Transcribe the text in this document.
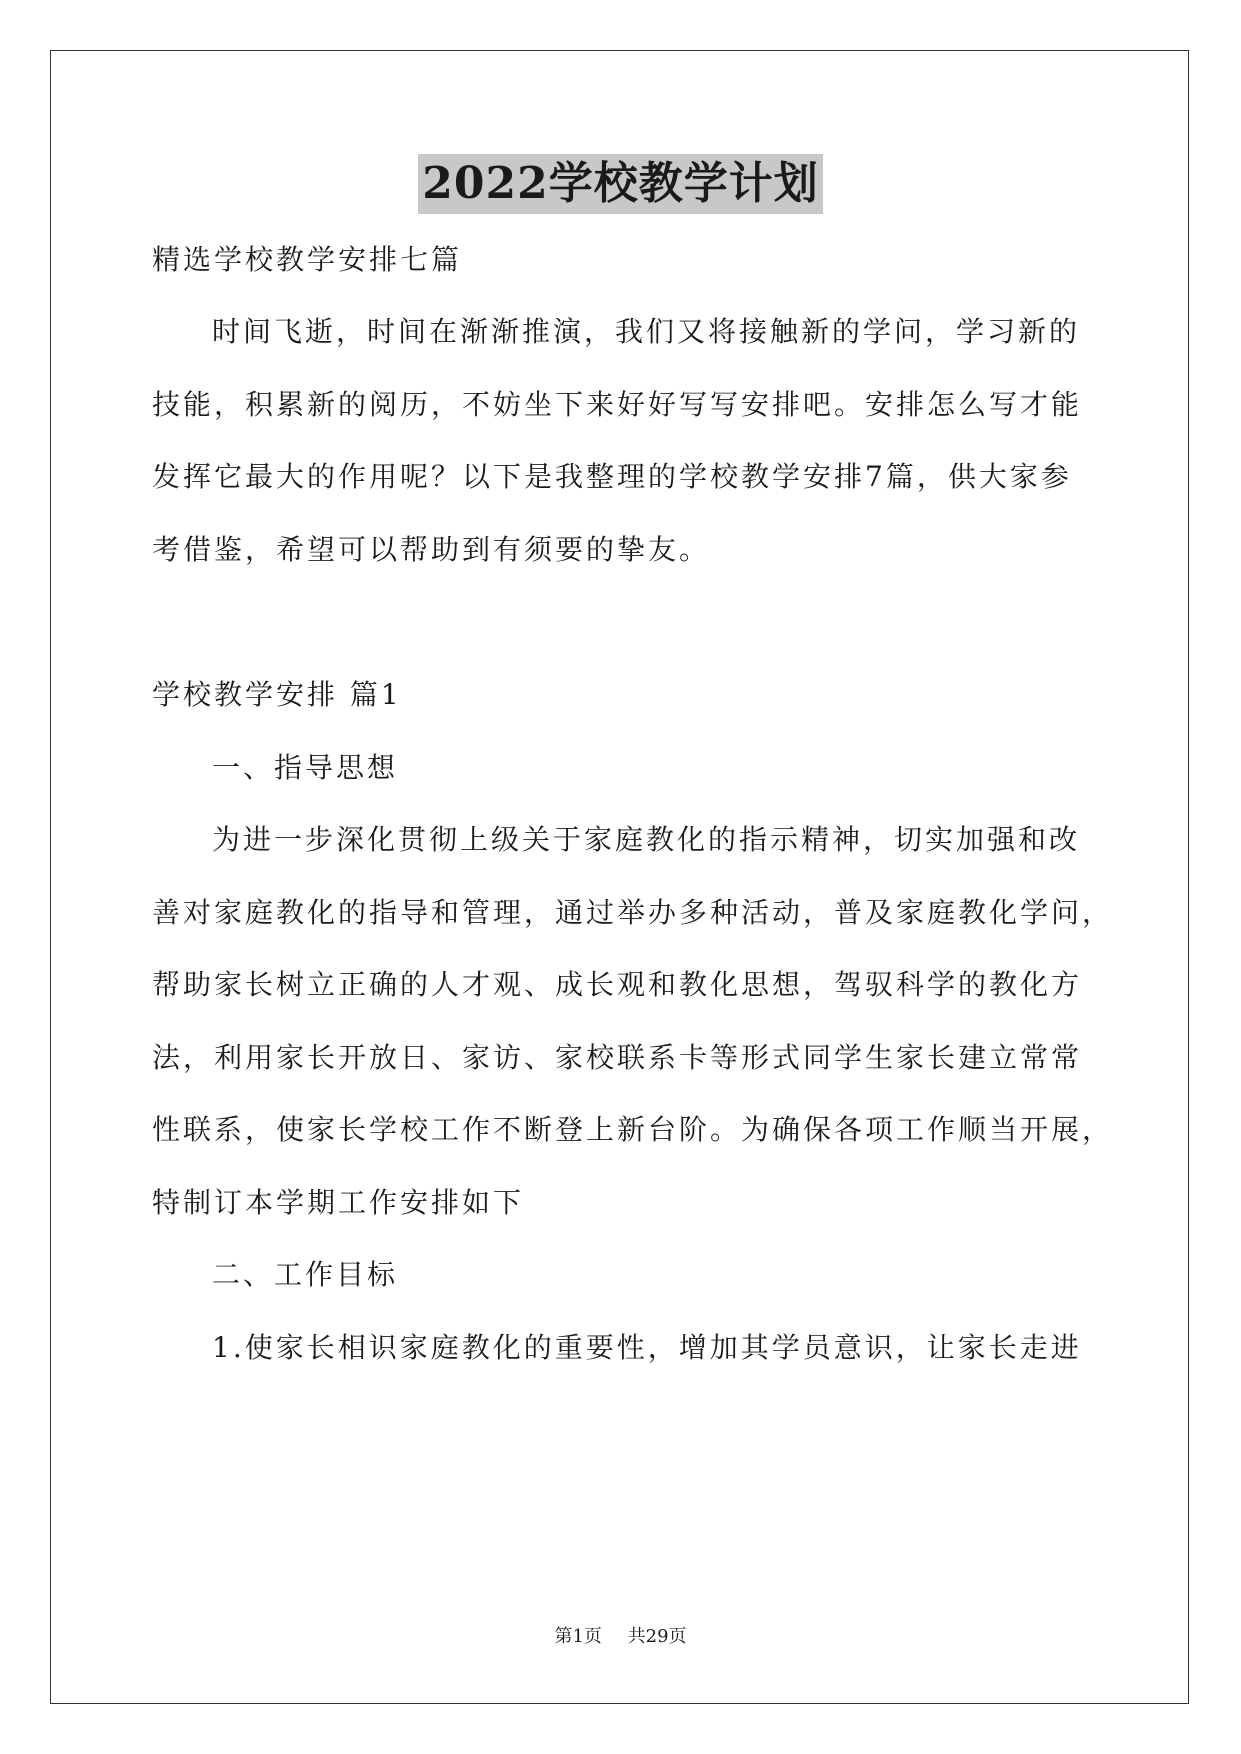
2022学校教学计划
精选学校教学安排七篇
时间飞逝，时间在渐渐推演，我们又将接触新的学问，学习新的
技能，积累新的阅历，不妨坐下来好好写写安排吧。安排怎么写才能
发挥它最大的作用呢？以下是我整理的学校教学安排7篇，供大家参
考借鉴，希望可以帮助到有须要的挚友。
学校教学安排 篇1
一、指导思想
为进一步深化贯彻上级关于家庭教化的指示精神，切实加强和改
善对家庭教化的指导和管理，通过举办多种活动，普及家庭教化学问，
帮助家长树立正确的人才观、成长观和教化思想，驾驭科学的教化方
法，利用家长开放日、家访、家校联系卡等形式同学生家长建立常常
性联系，使家长学校工作不断登上新台阶。为确保各项工作顺当开展，
特制订本学期工作安排如下
二、工作目标
1.使家长相识家庭教化的重要性，增加其学员意识，让家长走进
第1页 共29页
